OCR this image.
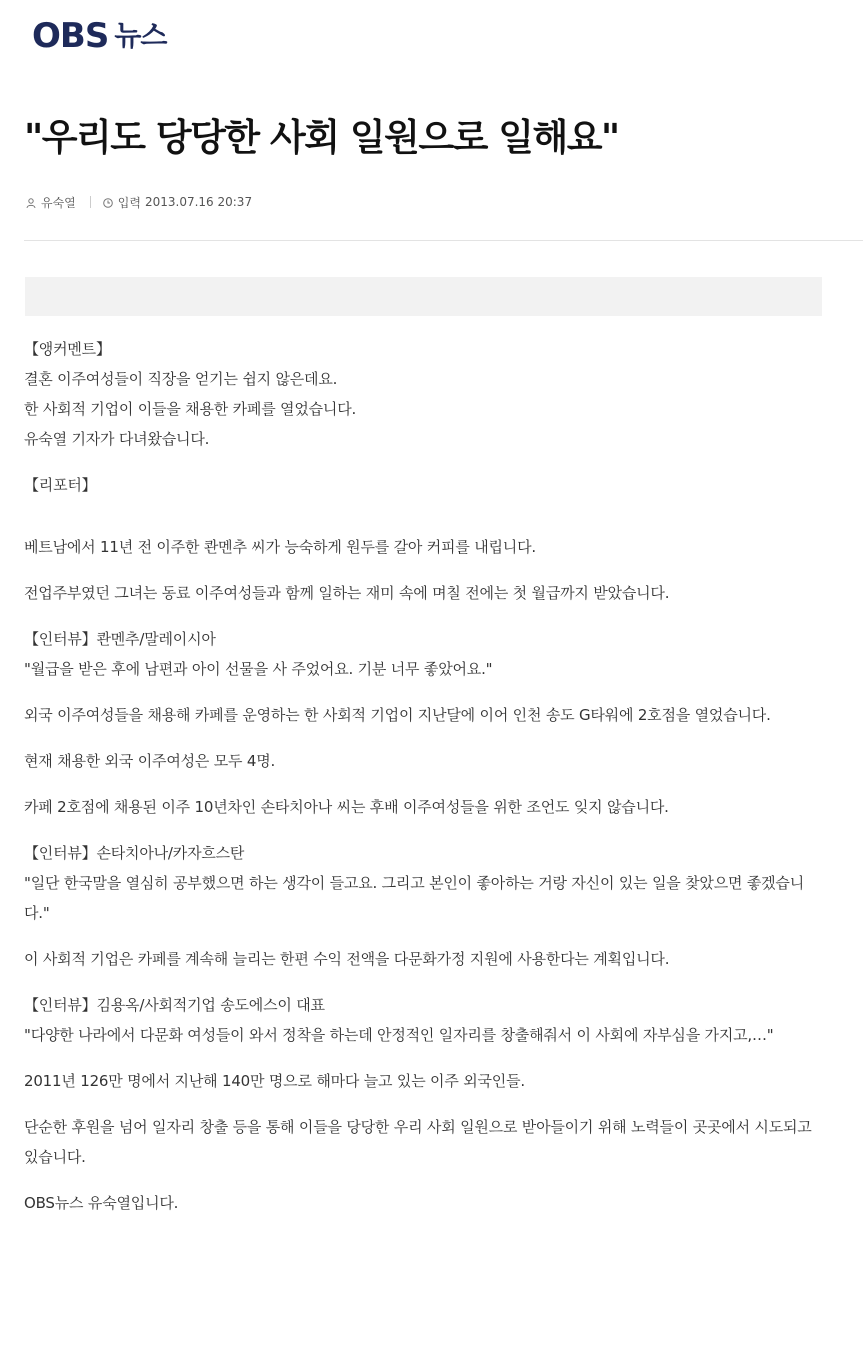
OBS 뉴스
"우리도 당당한 사회 일원으로 일해요"
유숙열	입력 2013.07.16 20:37

【앵커멘트】

결혼 이주여성들이 직장을 얻기는 쉽지 않은데요.

한 사회적 기업이 이들을 채용한 카페를 열었습니다.

유숙열 기자가 다녀왔습니다.

【리포터】

베트남에서 11년 전 이주한 콴멘추 씨가 능숙하게 원두를 갈아 커피를 내립니다.

전업주부였던 그녀는 동료 이주여성들과 함께 일하는 재미 속에 며칠 전에는 첫 월급까지 받았습니다.

【인터뷰】콴멘추/말레이시아

"월급을 받은 후에 남편과 아이 선물을 사 주었어요. 기분 너무 좋았어요."

외국 이주여성들을 채용해 카페를 운영하는 한 사회적 기업이 지난달에 이어 인천 송도 G타워에 2호점을 열었습니다.

현재 채용한 외국 이주여성은 모두 4명.

카페 2호점에 채용된 이주 10년차인 손타치아나 씨는 후배 이주여성들을 위한 조언도 잊지 않습니다.

【인터뷰】손타치아나/카자흐스탄

"일단 한국말을 열심히 공부했으면 하는 생각이 들고요. 그리고 본인이 좋아하는 거랑 자신이 있는 일을 찾았으면 좋겠습니다."

이 사회적 기업은 카페를 계속해 늘리는 한편 수익 전액을 다문화가정 지원에 사용한다는 계획입니다.

【인터뷰】김용옥/사회적기업 송도에스이 대표

"다양한 나라에서 다문화 여성들이 와서 정착을 하는데 안정적인 일자리를 창출해줘서 이 사회에 자부심을 가지고,…"

2011년 126만 명에서 지난해 140만 명으로 해마다 늘고 있는 이주 외국인들.

단순한 후원을 넘어 일자리 창출 등을 통해 이들을 당당한 우리 사회 일원으로 받아들이기 위해 노력들이 곳곳에서 시도되고 있습니다.

OBS뉴스 유숙열입니다.
